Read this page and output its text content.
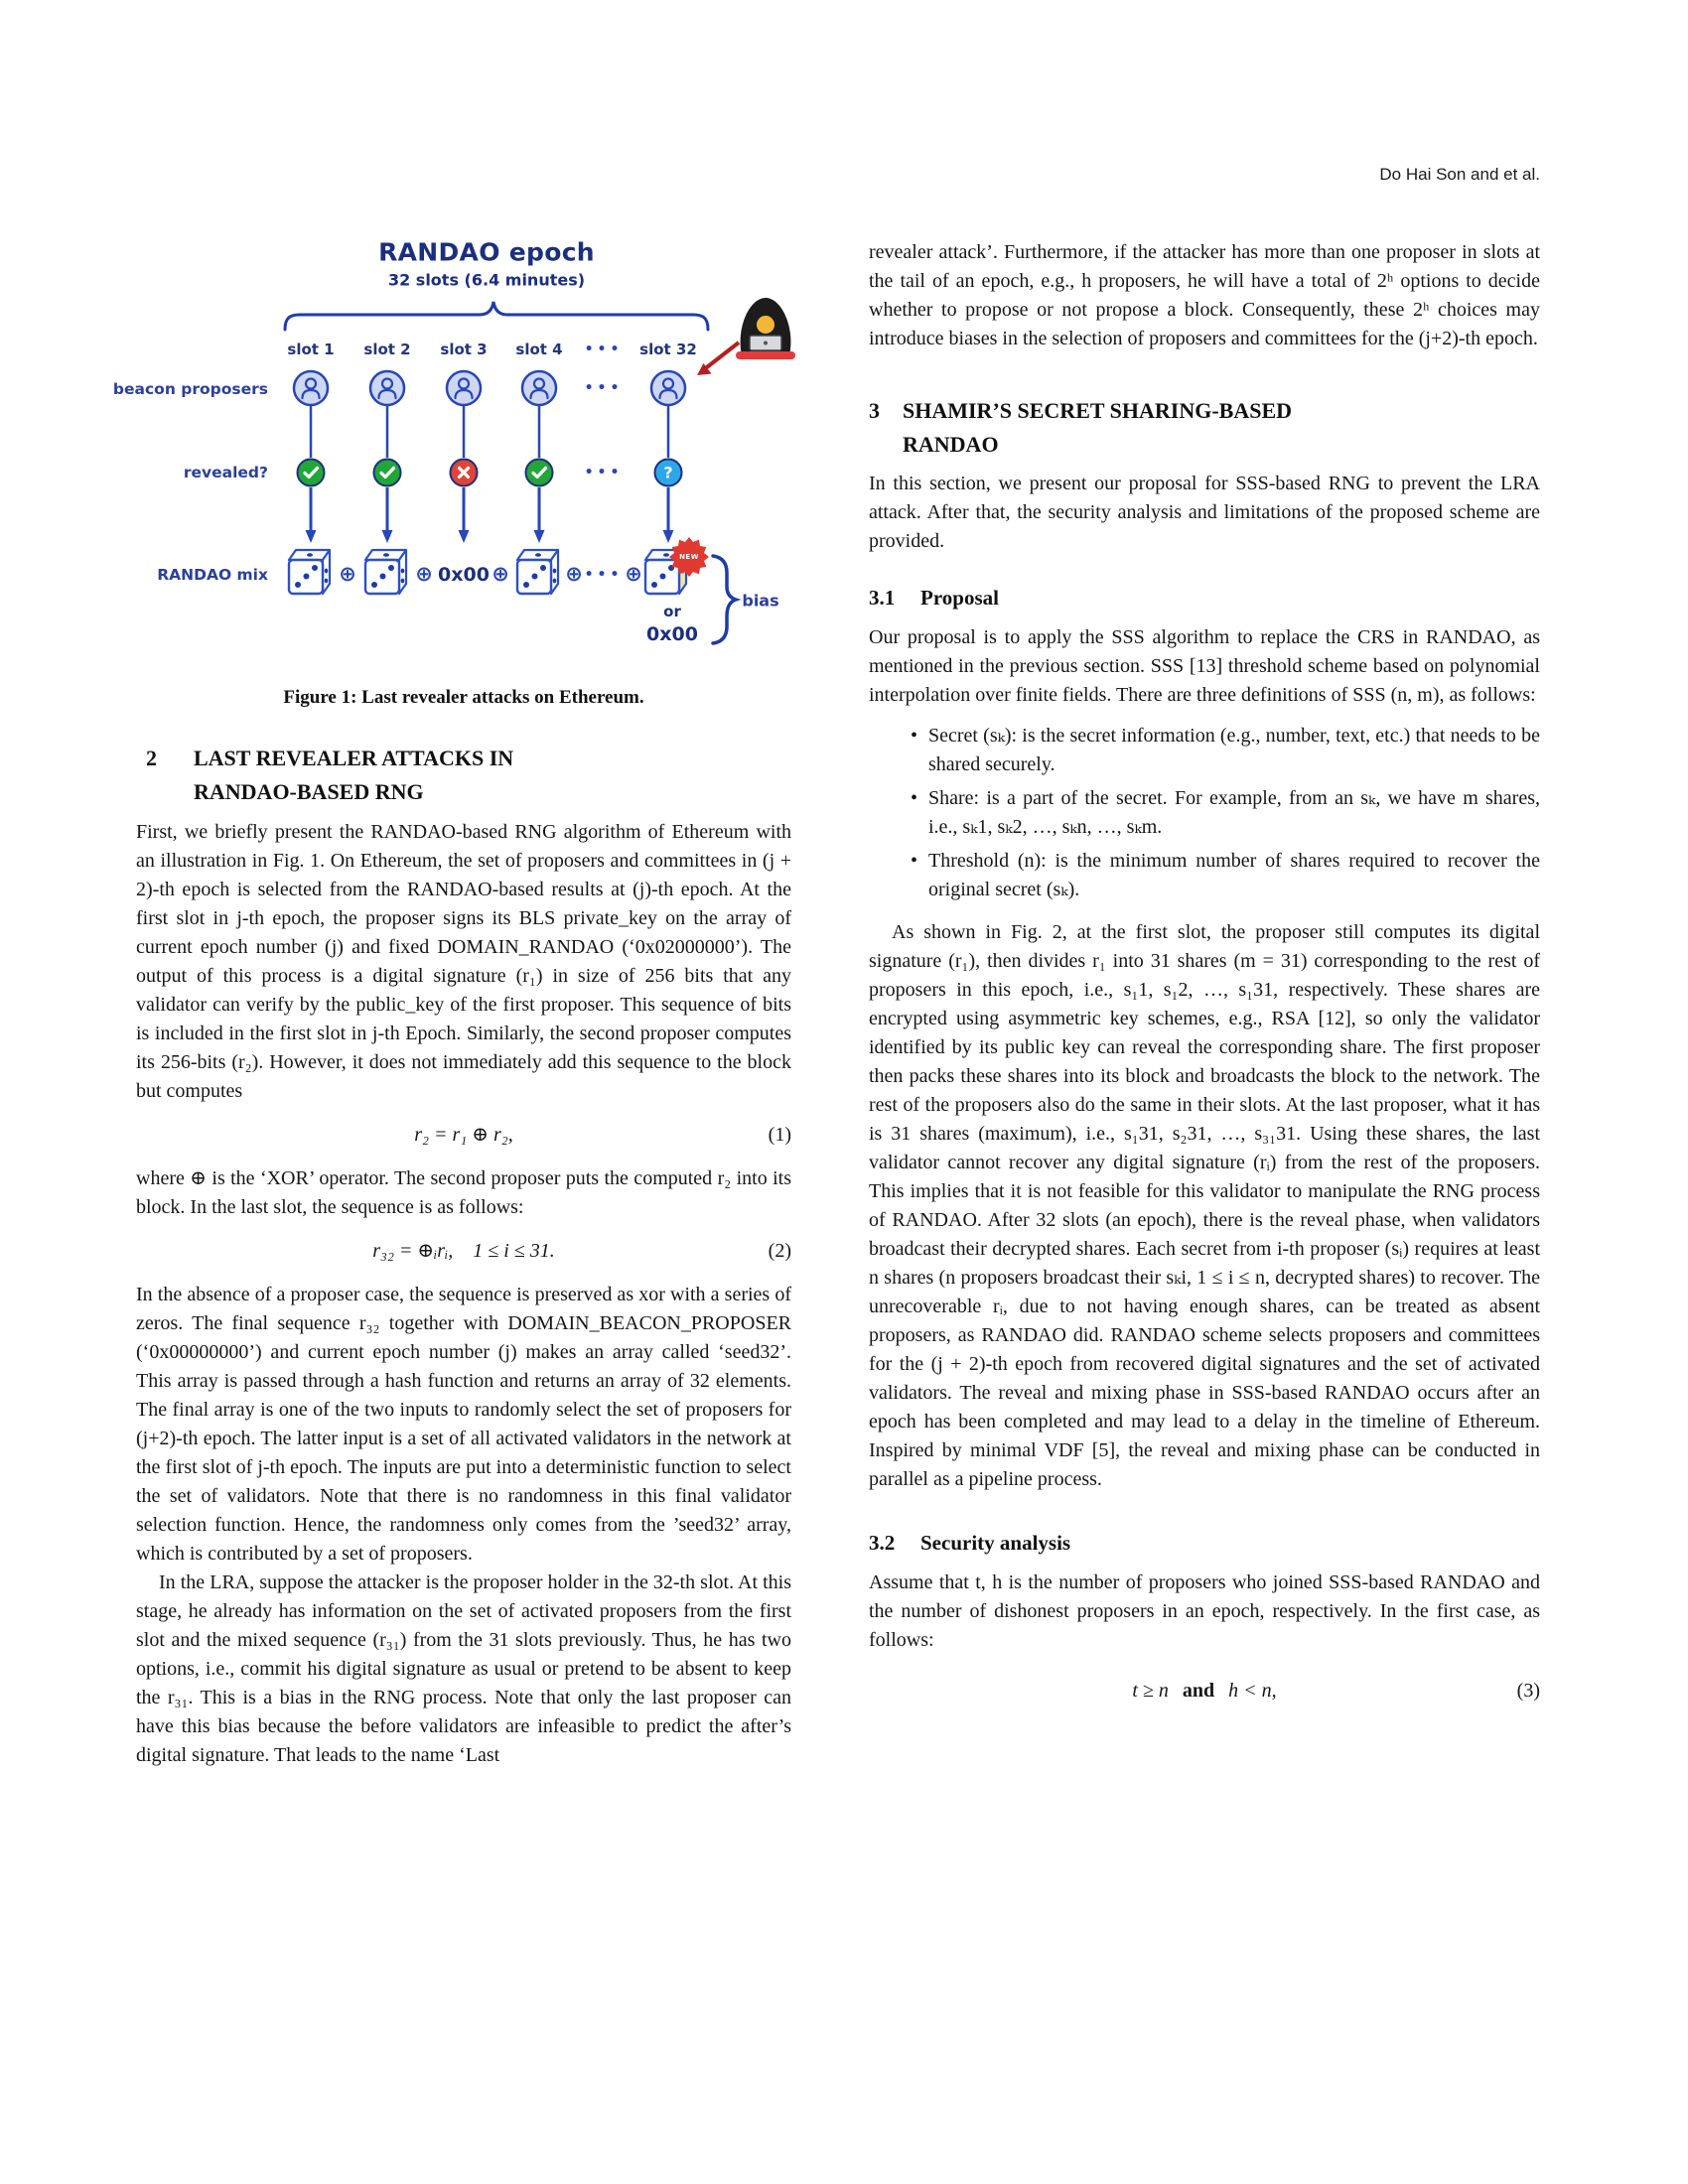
Do Hai Son and et al.
RANDAO epoch
32 slots (6.4 minutes)
beacon proposers
revealed?
RANDAO mix
slot 1 slot 2 slot 3 slot 4	slot 32
•••
•••
•••
•••
?
⊕	⊕	⊕	⊕ ⊕
0x00
NEW
or
0x00
bias
Figure 1: Last revealer attacks on Ethereum.
2	LAST REVEALER ATTACKS IN
RANDAO-BASED RNG

First, we briefly present the RANDAO-based RNG algorithm of Ethereum with an illustration in Fig. 1. On Ethereum, the set of proposers and committees in (j + 2)-th epoch is selected from the RANDAO-based results at (j)-th epoch. At the first slot in j-th epoch, the proposer signs its BLS private_key on the array of current epoch number (j) and fixed DOMAIN_RANDAO (‘0x02000000’). The output of this process is a digital signature (r₁) in size of 256 bits that any validator can verify by the public_key of the first proposer. This sequence of bits is included in the first slot in j-th Epoch. Similarly, the second proposer computes its 256-bits (r₂). However, it does not immediately add this sequence to the block but computes

r₂ = r₁ ⊕ r₂,	(1)

where ⊕ is the ‘XOR’ operator. The second proposer puts the computed r₂ into its block. In the last slot, the sequence is as follows:

r₃₂ = ⊕ᵢrᵢ,  1 ≤ i ≤ 31.	(2)

In the absence of a proposer case, the sequence is preserved as xor with a series of zeros. The final sequence r₃₂ together with DOMAIN_BEACON_PROPOSER (‘0x00000000’) and current epoch number (j) makes an array called ‘seed32’. This array is passed through a hash function and returns an array of 32 elements. The final array is one of the two inputs to randomly select the set of proposers for (j+2)-th epoch. The latter input is a set of all activated validators in the network at the first slot of j-th epoch. The inputs are put into a deterministic function to select the set of validators. Note that there is no randomness in this final validator selection function. Hence, the randomness only comes from the ’seed32’ array, which is contributed by a set of proposers.

In the LRA, suppose the attacker is the proposer holder in the 32-th slot. At this stage, he already has information on the set of activated proposers from the first slot and the mixed sequence (r₃₁) from the 31 slots previously. Thus, he has two options, i.e., commit his digital signature as usual or pretend to be absent to keep the r₃₁. This is a bias in the RNG process. Note that only the last proposer can have this bias because the before validators are infeasible to predict the after’s digital signature. That leads to the name ‘Last

revealer attack’. Furthermore, if the attacker has more than one proposer in slots at the tail of an epoch, e.g., h proposers, he will have a total of 2ʰ options to decide whether to propose or not propose a block. Consequently, these 2ʰ choices may introduce biases in the selection of proposers and committees for the (j+2)-th epoch.

3	SHAMIR’S SECRET SHARING-BASED
RANDAO

In this section, we present our proposal for SSS-based RNG to prevent the LRA attack. After that, the security analysis and limitations of the proposed scheme are provided.

3.1	Proposal

Our proposal is to apply the SSS algorithm to replace the CRS in RANDAO, as mentioned in the previous section. SSS [13] threshold scheme based on polynomial interpolation over finite fields. There are three definitions of SSS (n, m), as follows:

• Secret (sₖ): is the secret information (e.g., number, text, etc.) that needs to be shared securely.
• Share: is a part of the secret. For example, from an sₖ, we have m shares, i.e., sₖ1, sₖ2, …, sₖn, …, sₖm.
• Threshold (n): is the minimum number of shares required to recover the original secret (sₖ).

As shown in Fig. 2, at the first slot, the proposer still computes its digital signature (r₁), then divides r₁ into 31 shares (m = 31) corresponding to the rest of proposers in this epoch, i.e., s₁1, s₁2, …, s₁31, respectively. These shares are encrypted using asymmetric key schemes, e.g., RSA [12], so only the validator identified by its public key can reveal the corresponding share. The first proposer then packs these shares into its block and broadcasts the block to the network. The rest of the proposers also do the same in their slots. At the last proposer, what it has is 31 shares (maximum), i.e., s₁31, s₂31, …, s₃₁31. Using these shares, the last validator cannot recover any digital signature (rᵢ) from the rest of the proposers. This implies that it is not feasible for this validator to manipulate the RNG process of RANDAO. After 32 slots (an epoch), there is the reveal phase, when validators broadcast their decrypted shares. Each secret from i-th proposer (sᵢ) requires at least n shares (n proposers broadcast their sₖi, 1 ≤ i ≤ n, decrypted shares) to recover. The unrecoverable rᵢ, due to not having enough shares, can be treated as absent proposers, as RANDAO did. RANDAO scheme selects proposers and committees for the (j + 2)-th epoch from recovered digital signatures and the set of activated validators. The reveal and mixing phase in SSS-based RANDAO occurs after an epoch has been completed and may lead to a delay in the timeline of Ethereum. Inspired by minimal VDF [5], the reveal and mixing phase can be conducted in parallel as a pipeline process.

3.2	Security analysis

Assume that t, h is the number of proposers who joined SSS-based RANDAO and the number of dishonest proposers in an epoch, respectively. In the first case, as follows:

t ≥ n and h < n,	(3)
